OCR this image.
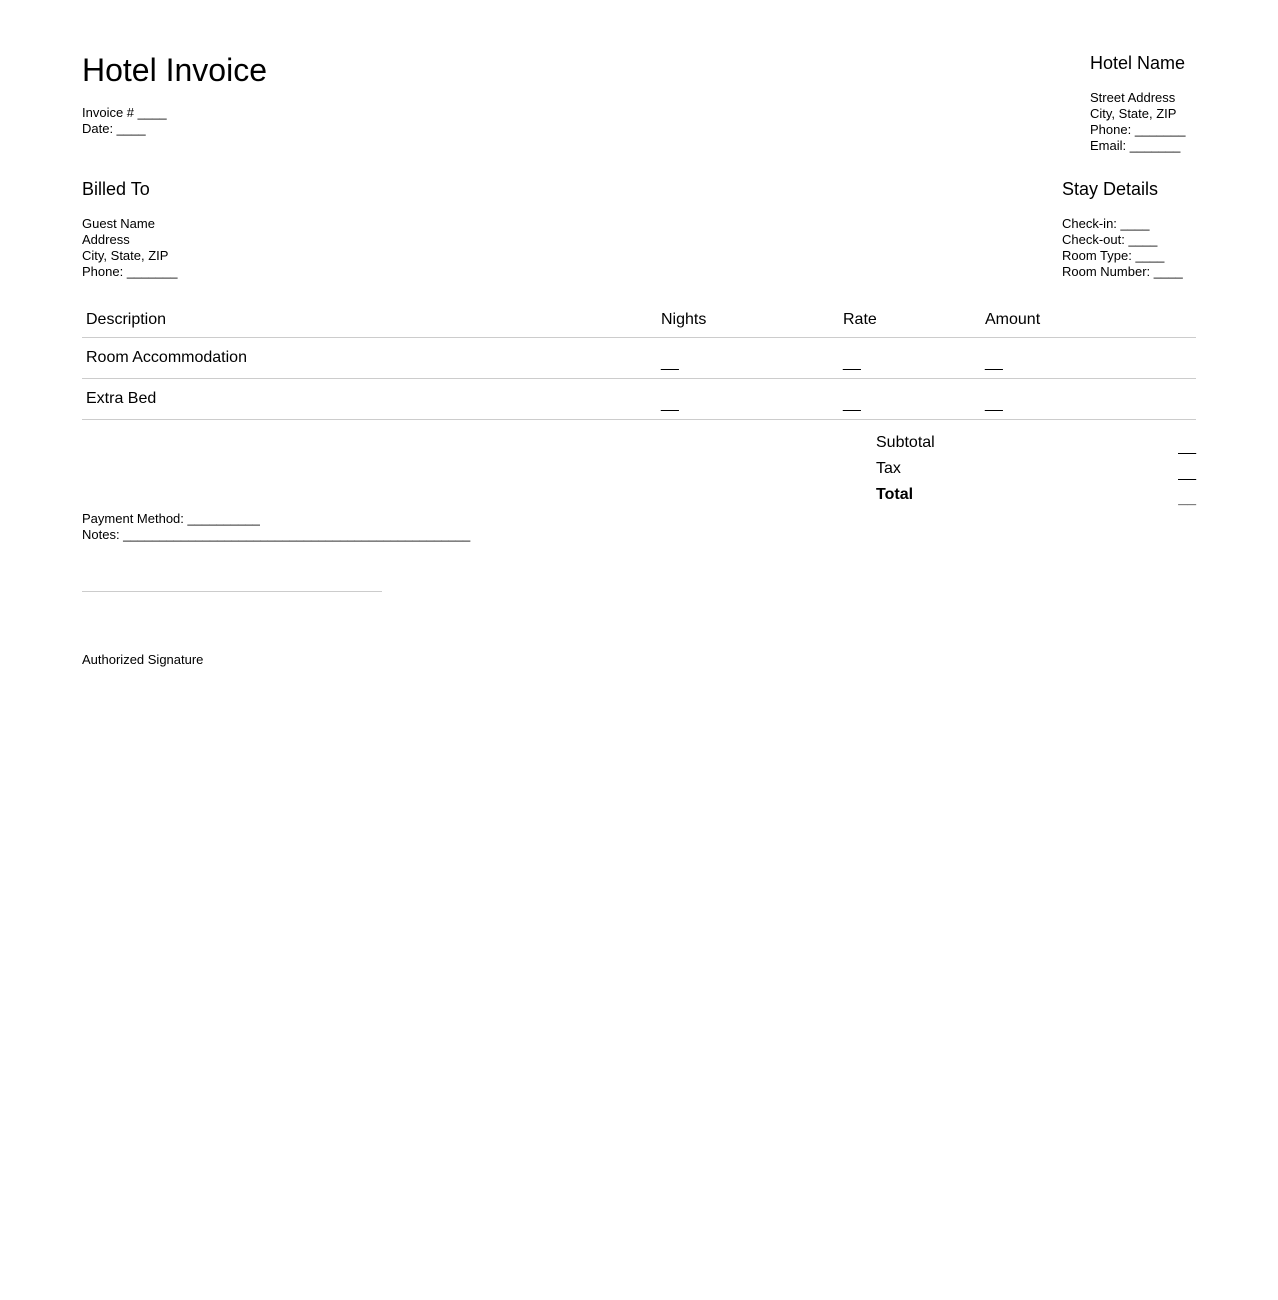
Hotel Invoice
Invoice # ____
Date: ____
Hotel Name
Street Address
City, State, ZIP
Phone: _______
Email: _______
Billed To
Guest Name
Address
City, State, ZIP
Phone: _______
Stay Details
Check-in: ____
Check-out: ____
Room Type: ____
Room Number: ____
Description	Nights	Rate	Amount
Room Accommodation	__	__	__
Extra Bed	__	__	__
Subtotal	__
Tax	__
Total	__
Payment Method: __________
Notes: ________________________________________________
Authorized Signature
